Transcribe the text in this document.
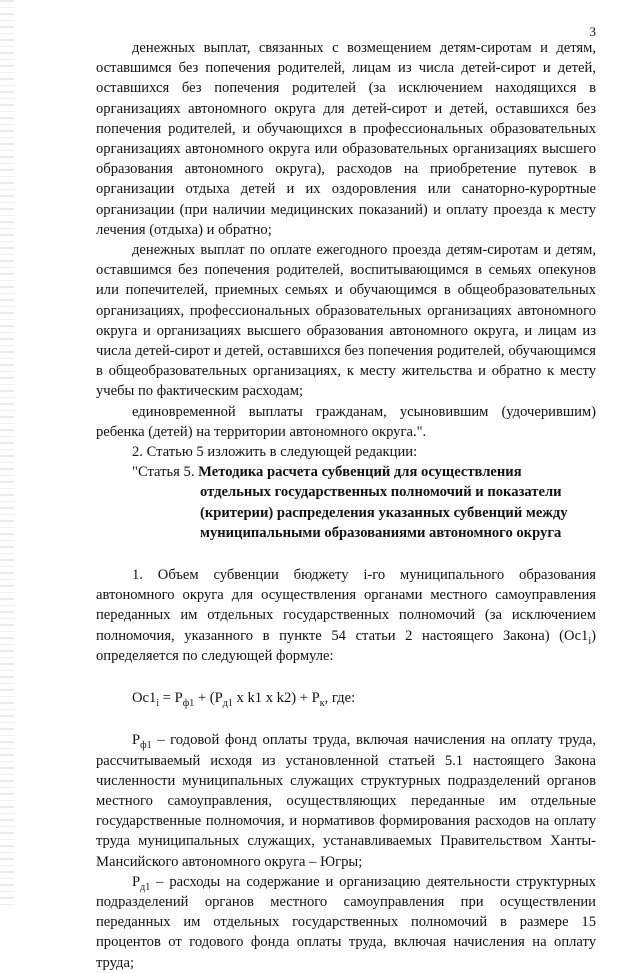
3

денежных выплат, связанных с возмещением детям-сиротам и детям, оставшимся без попечения родителей, лицам из числа детей-сирот и детей, оставшихся без попечения родителей (за исключением находящихся в организациях автономного округа для детей-сирот и детей, оставшихся без попечения родителей, и обучающихся в профессиональных образовательных организациях автономного округа или образовательных организациях высшего образования автономного округа), расходов на приобретение путевок в организации отдыха детей и их оздоровления или санаторно-курортные организации (при наличии медицинских показаний) и оплату проезда к месту лечения (отдыха) и обратно;

денежных выплат по оплате ежегодного проезда детям-сиротам и детям, оставшимся без попечения родителей, воспитывающимся в семьях опекунов или попечителей, приемных семьях и обучающимся в общеобразовательных организациях, профессиональных образовательных организациях автономного округа и организациях высшего образования автономного округа, и лицам из числа детей-сирот и детей, оставшихся без попечения родителей, обучающимся в общеобразовательных организациях, к месту жительства и обратно к месту учебы по фактическим расходам;

единовременной выплаты гражданам, усыновившим (удочерившим) ребенка (детей) на территории автономного округа.".

2. Статью 5 изложить в следующей редакции:

"Статья 5. Методика расчета субвенций для осуществления

отдельных государственных полномочий и показатели (критерии) распределения указанных субвенций между муниципальными образованиями автономного округа

1. Объем субвенции бюджету i-го муниципального образования автономного округа для осуществления органами местного самоуправления переданных им отдельных государственных полномочий (за исключением полномочия, указанного в пункте 54 статьи 2 настоящего Закона) $(Ос1_i)$ определяется по следующей формуле:

$Ос1_i = Р_{ф1} + (Р_{д1}$ х k1 х $k2) + Р_к$, где:

$Р_{ф1}$ – годовой фонд оплаты труда, включая начисления на оплату труда, рассчитываемый исходя из установленной статьей 5.1 настоящего Закона численности муниципальных служащих структурных подразделений органов местного самоуправления, осуществляющих переданные им отдельные государственные полномочия, и нормативов формирования расходов на оплату труда муниципальных служащих, устанавливаемых Правительством Ханты-Мансийского автономного округа – Югры;

$Р_{д1}$ – расходы на содержание и организацию деятельности структурных подразделений органов местного самоуправления при осуществлении переданных им отдельных государственных полномочий в размере 15 процентов от годового фонда оплаты труда, включая начисления на оплату труда;
